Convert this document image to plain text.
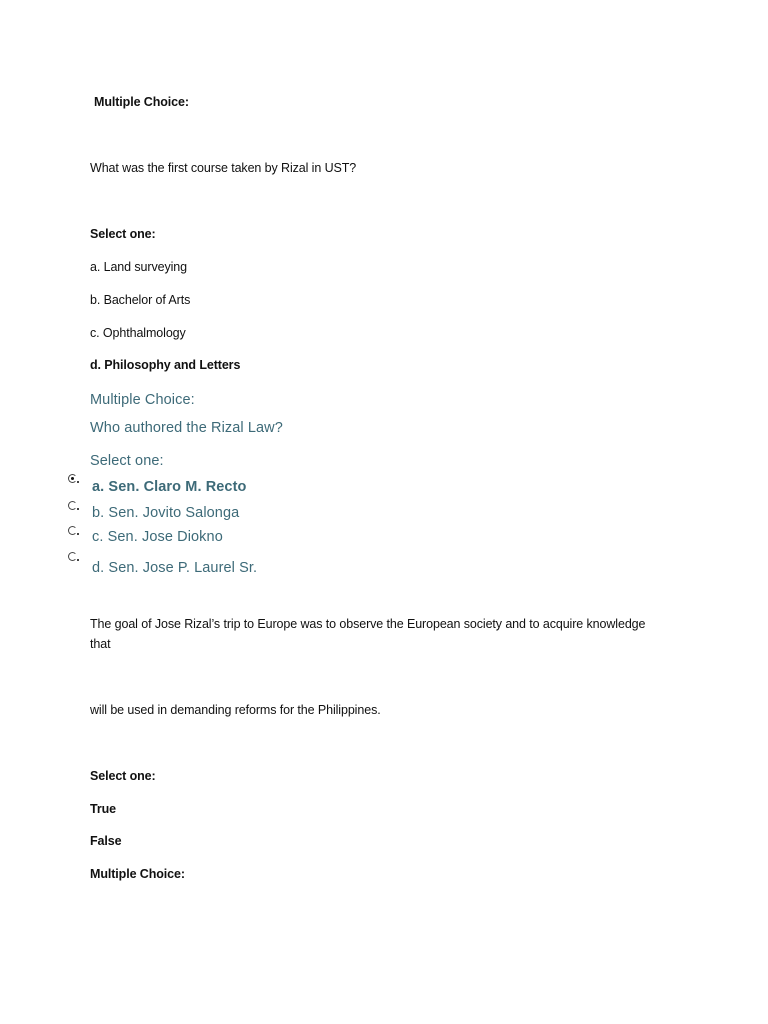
Multiple Choice:
What was the first course taken by Rizal in UST?
Select one:
a. Land surveying
b. Bachelor of Arts
c. Ophthalmology
d. Philosophy and Letters
Multiple Choice:
Who authored the Rizal Law?
Select one:
a. Sen. Claro M. Recto
b. Sen. Jovito Salonga
c. Sen. Jose Diokno
d. Sen. Jose P. Laurel Sr.
The goal of Jose Rizal’s trip to Europe was to observe the European society and to acquire knowledge
that
will be used in demanding reforms for the Philippines.
Select one:
True
False
Multiple Choice:
